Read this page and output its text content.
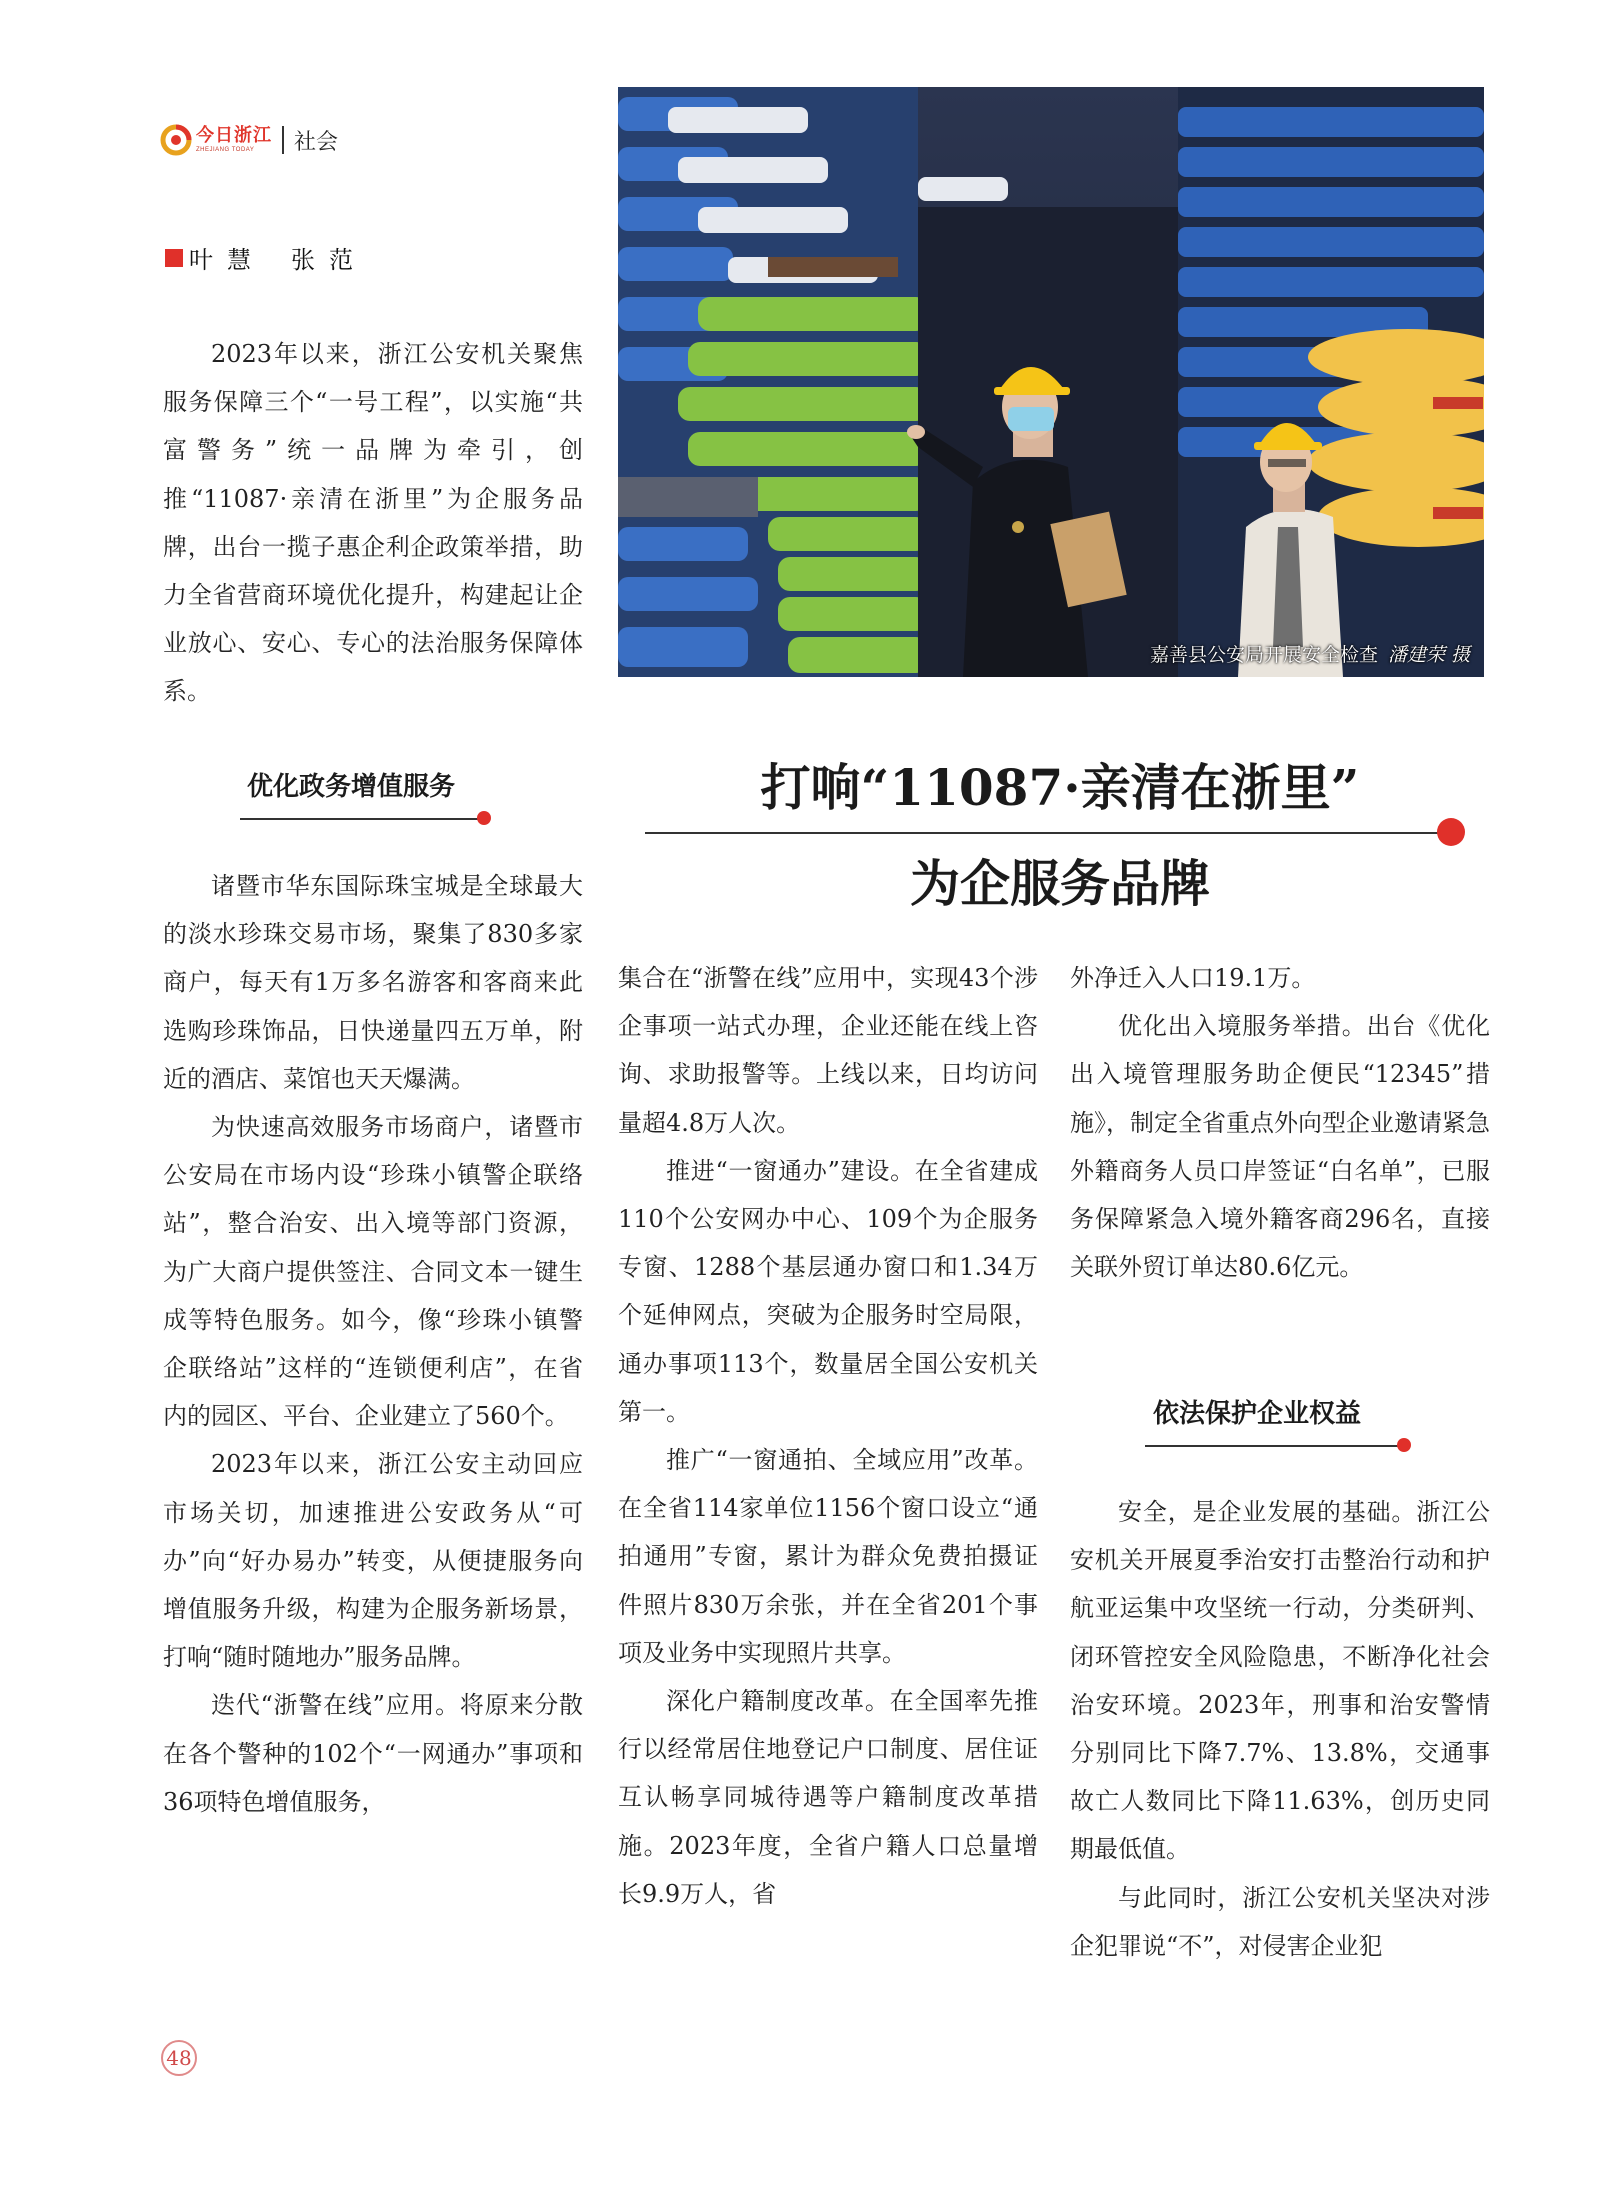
今日浙江
ZHEJIANG TODAY	社会
叶慧 张范

2023年以来，浙江公安机关聚焦服务保障三个“一号工程”，以实施“共富警务”统一品牌为牵引，创推“11087·亲清在浙里”为企服务品牌，出台一揽子惠企利企政策举措，助力全省营商环境优化提升，构建起让企业放心、安心、专心的法治服务保障体系。

嘉善县公安局开展安全检查 潘建荣 摄
打响“11087·亲清在浙里”
为企服务品牌
优化政务增值服务

诸暨市华东国际珠宝城是全球最大的淡水珍珠交易市场，聚集了830多家商户，每天有1万多名游客和客商来此选购珍珠饰品，日快递量四五万单，附近的酒店、菜馆也天天爆满。

为快速高效服务市场商户，诸暨市公安局在市场内设“珍珠小镇警企联络站”，整合治安、出入境等部门资源，为广大商户提供签注、合同文本一键生成等特色服务。如今，像“珍珠小镇警企联络站”这样的“连锁便利店”，在省内的园区、平台、企业建立了560个。

2023年以来，浙江公安主动回应市场关切，加速推进公安政务从“可办”向“好办易办”转变，从便捷服务向增值服务升级，构建为企服务新场景，打响“随时随地办”服务品牌。

迭代“浙警在线”应用。将原来分散在各个警种的102个“一网通办”事项和36项特色增值服务，

集合在“浙警在线”应用中，实现43个涉企事项一站式办理，企业还能在线上咨询、求助报警等。上线以来，日均访问量超4.8万人次。

推进“一窗通办”建设。在全省建成110个公安网办中心、109个为企服务专窗、1288个基层通办窗口和1.34万个延伸网点，突破为企服务时空局限，通办事项113个，数量居全国公安机关第一。

推广“一窗通拍、全域应用”改革。在全省114家单位1156个窗口设立“通拍通用”专窗，累计为群众免费拍摄证件照片830万余张，并在全省201个事项及业务中实现照片共享。

深化户籍制度改革。在全国率先推行以经常居住地登记户口制度、居住证互认畅享同城待遇等户籍制度改革措施。2023年度，全省户籍人口总量增长9.9万人，省

外净迁入人口19.1万。

优化出入境服务举措。出台《优化出入境管理服务助企便民“12345”措施》，制定全省重点外向型企业邀请紧急外籍商务人员口岸签证“白名单”，已服务保障紧急入境外籍客商296名，直接关联外贸订单达80.6亿元。

依法保护企业权益

安全，是企业发展的基础。浙江公安机关开展夏季治安打击整治行动和护航亚运集中攻坚统一行动，分类研判、闭环管控安全风险隐患，不断净化社会治安环境。2023年，刑事和治安警情分别同比下降7.7%、13.8%，交通事故亡人数同比下降11.63%，创历史同期最低值。

与此同时，浙江公安机关坚决对涉企犯罪说“不”，对侵害企业犯

48
